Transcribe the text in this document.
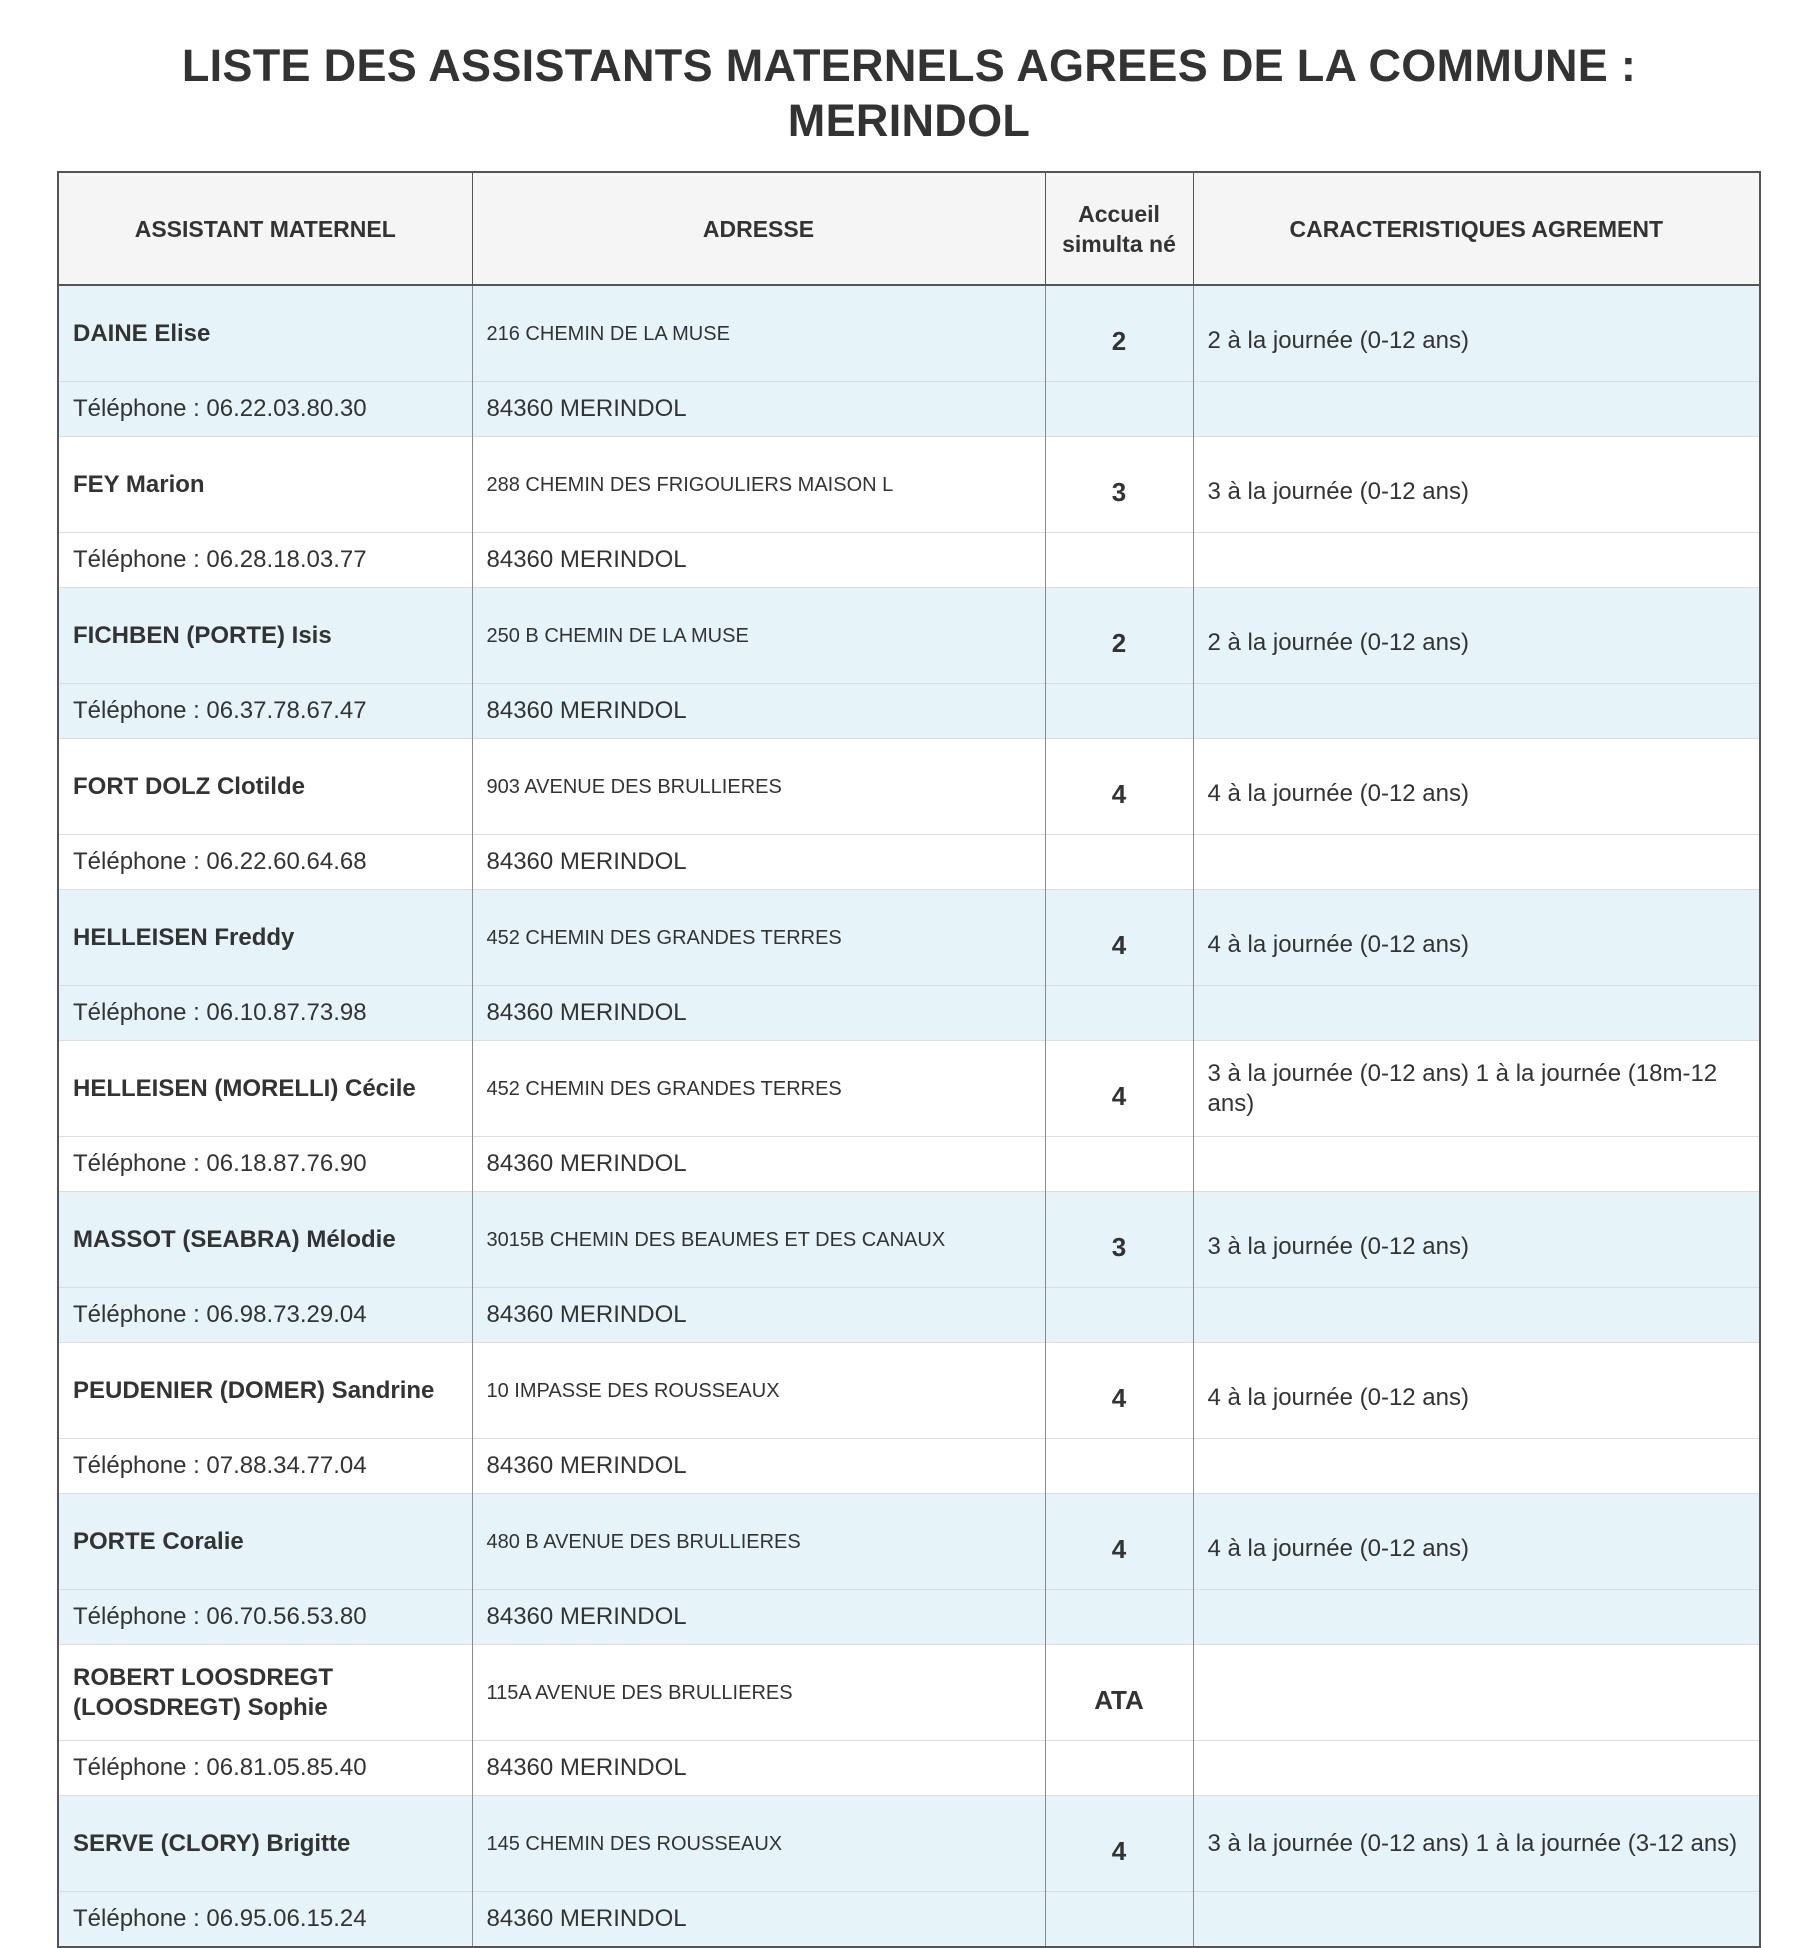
LISTE DES ASSISTANTS MATERNELS AGREES DE LA COMMUNE :
MERINDOL
ASSISTANT MATERNEL	ADRESSE	Accueil simulta né	CARACTERISTIQUES AGREMENT
DAINE Elise	216 CHEMIN DE LA MUSE	2	2 à la journée (0-12 ans)
Téléphone : 06.22.03.80.30	84360 MERINDOL		
FEY Marion	288 CHEMIN DES FRIGOULIERS MAISON L	3	3 à la journée (0-12 ans)
Téléphone : 06.28.18.03.77	84360 MERINDOL		
FICHBEN (PORTE) Isis	250 B CHEMIN DE LA MUSE	2	2 à la journée (0-12 ans)
Téléphone : 06.37.78.67.47	84360 MERINDOL		
FORT DOLZ Clotilde	903 AVENUE DES BRULLIERES	4	4 à la journée (0-12 ans)
Téléphone : 06.22.60.64.68	84360 MERINDOL		
HELLEISEN Freddy	452 CHEMIN DES GRANDES TERRES	4	4 à la journée (0-12 ans)
Téléphone : 06.10.87.73.98	84360 MERINDOL		
HELLEISEN (MORELLI) Cécile	452 CHEMIN DES GRANDES TERRES	4	3 à la journée (0-12 ans) 1 à la journée (18m-12 ans)
Téléphone : 06.18.87.76.90	84360 MERINDOL		
MASSOT (SEABRA) Mélodie	3015B CHEMIN DES BEAUMES ET DES CANAUX	3	3 à la journée (0-12 ans)
Téléphone : 06.98.73.29.04	84360 MERINDOL		
PEUDENIER (DOMER) Sandrine	10 IMPASSE DES ROUSSEAUX	4	4 à la journée (0-12 ans)
Téléphone : 07.88.34.77.04	84360 MERINDOL		
PORTE Coralie	480 B AVENUE DES BRULLIERES	4	4 à la journée (0-12 ans)
Téléphone : 06.70.56.53.80	84360 MERINDOL		
ROBERT LOOSDREGT (LOOSDREGT) Sophie	115A AVENUE DES BRULLIERES	ATA	
Téléphone : 06.81.05.85.40	84360 MERINDOL		
SERVE (CLORY) Brigitte	145 CHEMIN DES ROUSSEAUX	4	3 à la journée (0-12 ans) 1 à la journée (3-12 ans)
Téléphone : 06.95.06.15.24	84360 MERINDOL		
